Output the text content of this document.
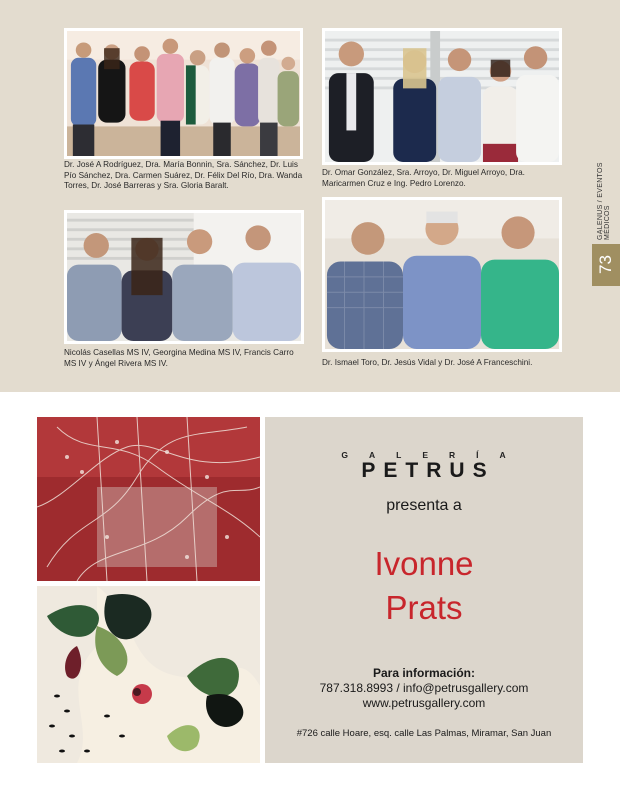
GALENUS / EVENTOS MÉDICOS
73
Dr. José A Rodríguez, Dra. María Bonnin, Sra. Sánchez, Dr. Luis Pío Sánchez, Dra. Carmen Suárez, Dr. Félix Del Río, Dra. Wanda Torres, Dr. José Barreras y Sra. Gloria Baralt.
Dr. Omar González, Sra. Arroyo, Dr. Miguel Arroyo, Dra. Maricarmen Cruz e Ing. Pedro Lorenzo.
Nicolás Casellas MS IV, Georgina Medina MS IV, Francis Carro MS IV y Ángel Rivera MS IV.	Dr. Ismael Toro, Dr. Jesús Vidal y Dr. José A Franceschini.
GALERÍA
PETRUS
presenta a
Ivonne
Prats
Para información:
787.318.8993 / info@petrusgallery.com
www.petrusgallery.com
#726 calle Hoare, esq. calle Las Palmas, Miramar, San Juan
